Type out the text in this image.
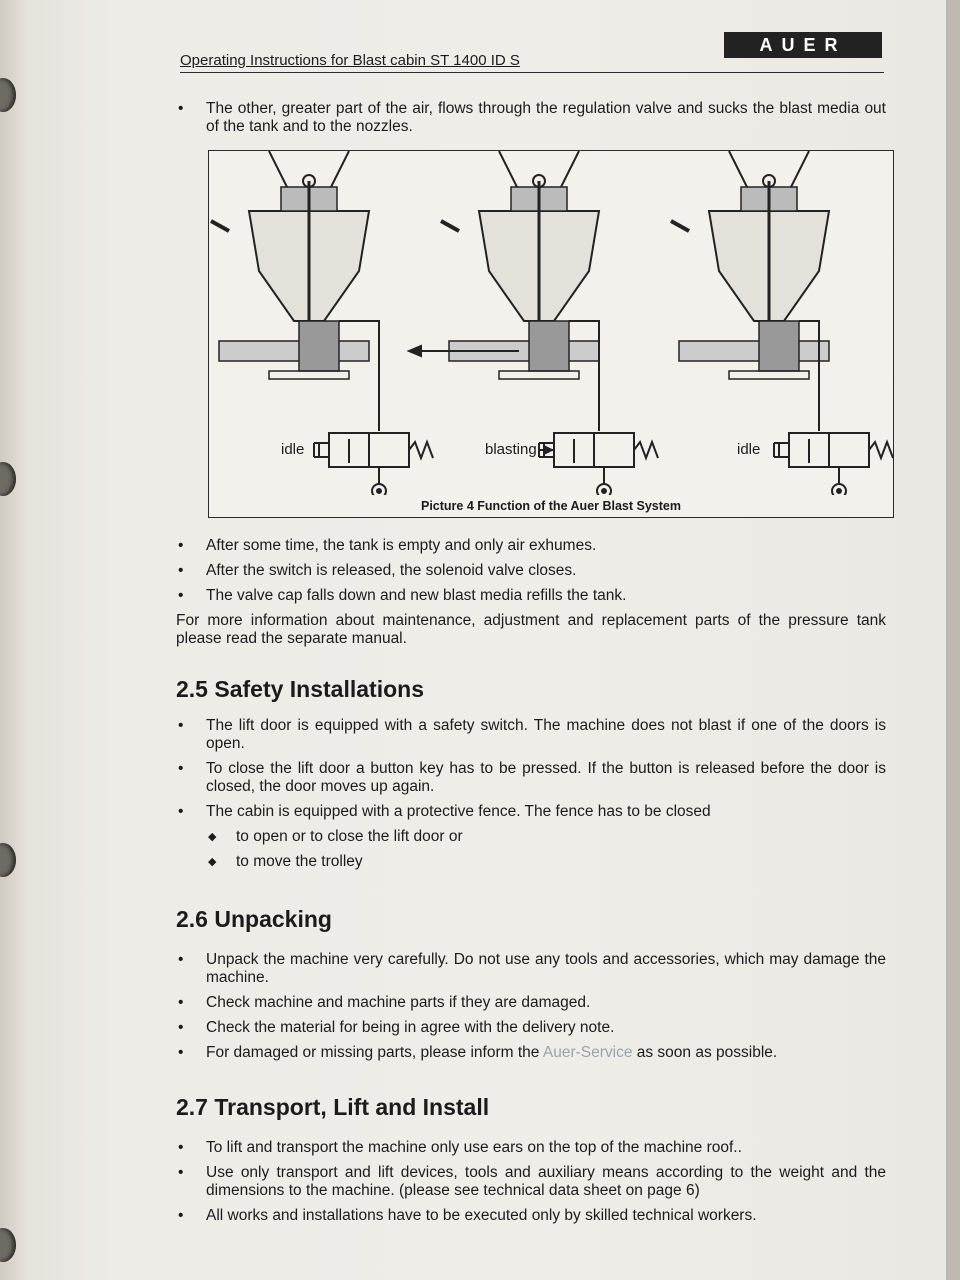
Operating Instructions for Blast cabin ST 1400 ID S
AUER
• The other, greater part of the air, flows through the regulation valve and sucks the blast media out of the tank and to the nozzles.
idle	blasting	idle
Picture 4 Function of the Auer Blast System
• After some time, the tank is empty and only air exhumes.
• After the switch is released, the solenoid valve closes.
• The valve cap falls down and new blast media refills the tank.

For more information about maintenance, adjustment and replacement parts of the pressure tank please read the separate manual.

2.5 Safety Installations
• The lift door is equipped with a safety switch. The machine does not blast if one of the doors is open.
• To close the lift door a button key has to be pressed. If the button is released before the door is closed, the door moves up again.
• The cabin is equipped with a protective fence. The fence has to be closed
◆ to open or to close the lift door or
◆ to move the trolley
2.6 Unpacking
• Unpack the machine very carefully. Do not use any tools and accessories, which may damage the machine.
• Check machine and machine parts if they are damaged.
• Check the material for being in agree with the delivery note.
• For damaged or missing parts, please inform the Auer-Service as soon as possible.
2.7 Transport, Lift and Install
• To lift and transport the machine only use ears on the top of the machine roof..
• Use only transport and lift devices, tools and auxiliary means according to the weight and the dimensions to the machine. (please see technical data sheet on page 6)
• All works and installations have to be executed only by skilled technical workers.
